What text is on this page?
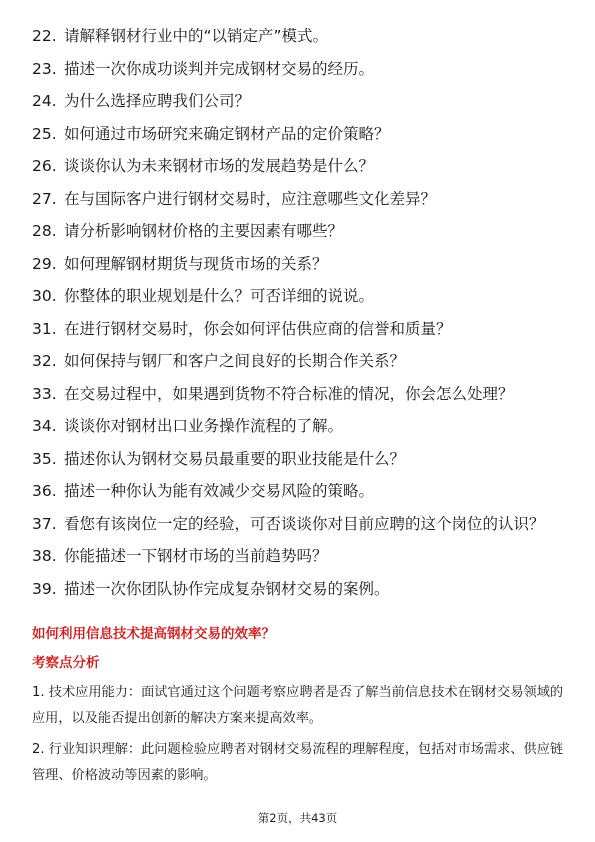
22. 请解释钢材行业中的“以销定产”模式。
23. 描述一次你成功谈判并完成钢材交易的经历。
24. 为什么选择应聘我们公司？
25. 如何通过市场研究来确定钢材产品的定价策略？
26. 谈谈你认为未来钢材市场的发展趋势是什么？
27. 在与国际客户进行钢材交易时，应注意哪些文化差异？
28. 请分析影响钢材价格的主要因素有哪些？
29. 如何理解钢材期货与现货市场的关系？
30. 你整体的职业规划是什么？可否详细的说说。
31. 在进行钢材交易时，你会如何评估供应商的信誉和质量？
32. 如何保持与钢厂和客户之间良好的长期合作关系？
33. 在交易过程中，如果遇到货物不符合标准的情况，你会怎么处理？
34. 谈谈你对钢材出口业务操作流程的了解。
35. 描述你认为钢材交易员最重要的职业技能是什么？
36. 描述一种你认为能有效减少交易风险的策略。
37. 看您有该岗位一定的经验，可否谈谈你对目前应聘的这个岗位的认识？
38. 你能描述一下钢材市场的当前趋势吗？
39. 描述一次你团队协作完成复杂钢材交易的案例。
如何利用信息技术提高钢材交易的效率？
考察点分析

1. 技术应用能力：面试官通过这个问题考察应聘者是否了解当前信息技术在钢材交易领域的应用，以及能否提出创新的解决方案来提高效率。

2. 行业知识理解：此问题检验应聘者对钢材交易流程的理解程度，包括对市场需求、供应链管理、价格波动等因素的影响。

第2页，共43页
